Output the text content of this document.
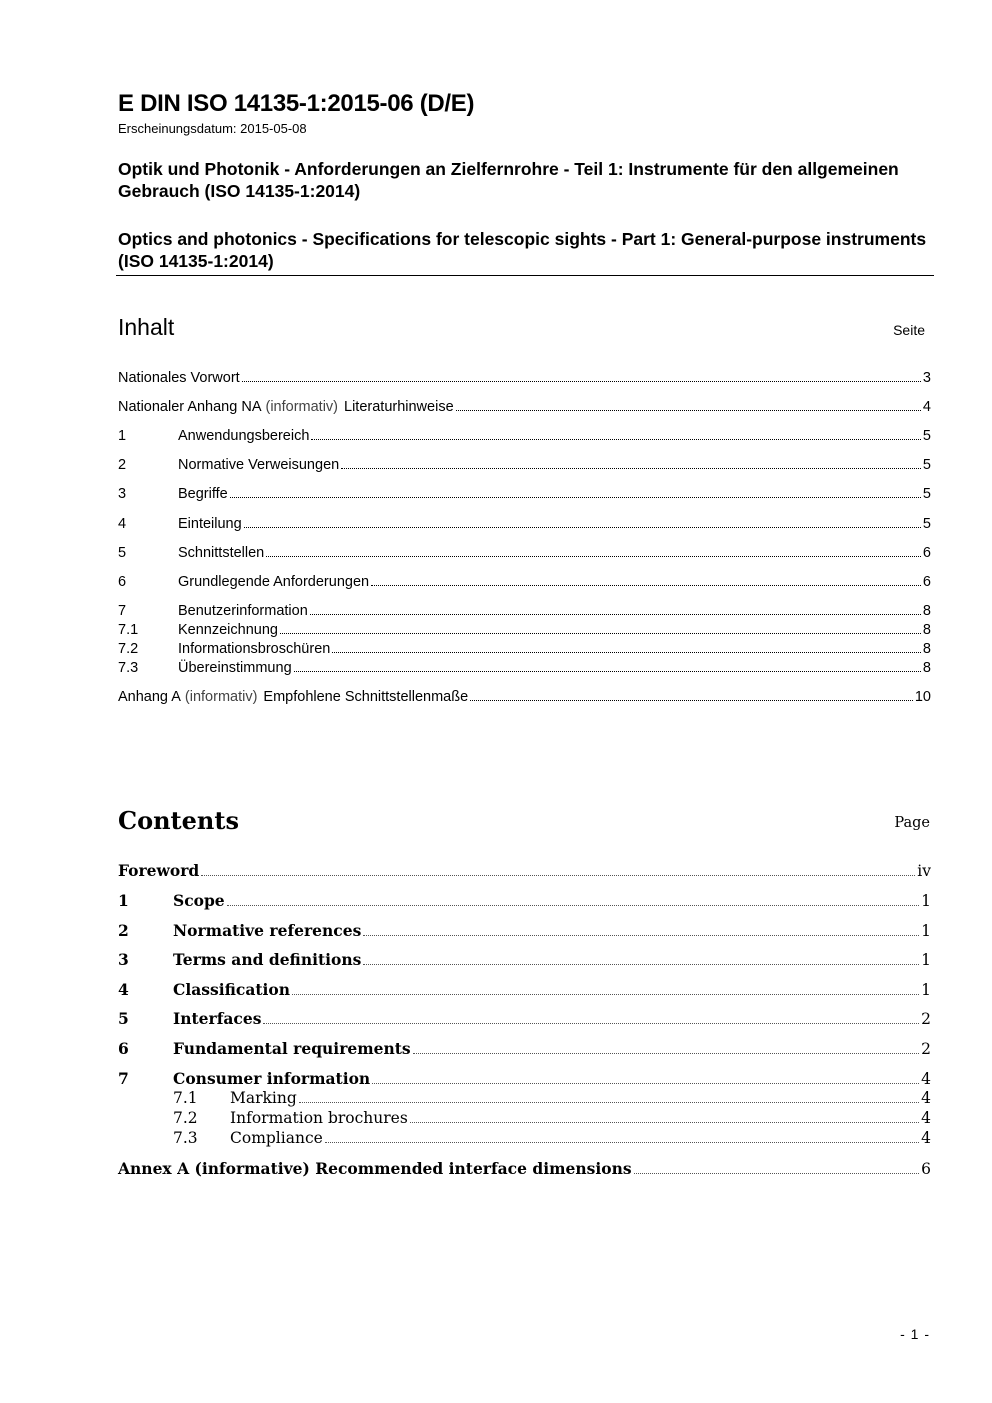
E DIN ISO 14135-1:2015-06 (D/E)
Erscheinungsdatum: 2015-05-08
Optik und Photonik - Anforderungen an Zielfernrohre - Teil 1: Instrumente für den allgemeinen Gebrauch (ISO 14135-1:2014)
Optics and photonics - Specifications for telescopic sights - Part 1: General-purpose instruments (ISO 14135-1:2014)
Inhalt	Seite
Nationales Vorwort	3
Nationaler Anhang NA (informativ) Literaturhinweise	4
1	Anwendungsbereich	5
2	Normative Verweisungen	5
3	Begriffe	5
4	Einteilung	5
5	Schnittstellen	6
6	Grundlegende Anforderungen	6
7	Benutzerinformation	8
7.1	Kennzeichnung	8
7.2	Informationsbroschüren	8
7.3	Übereinstimmung	8
Anhang A (informativ) Empfohlene Schnittstellenmaße	10
Contents	Page
Foreword	iv
1	Scope	1
2	Normative references	1
3	Terms and definitions	1
4	Classification	1
5	Interfaces	2
6	Fundamental requirements	2
7	Consumer information	4
7.1	Marking	4
7.2	Information brochures	4
7.3	Compliance	4
Annex A (informative) Recommended interface dimensions	6
- 1 -
